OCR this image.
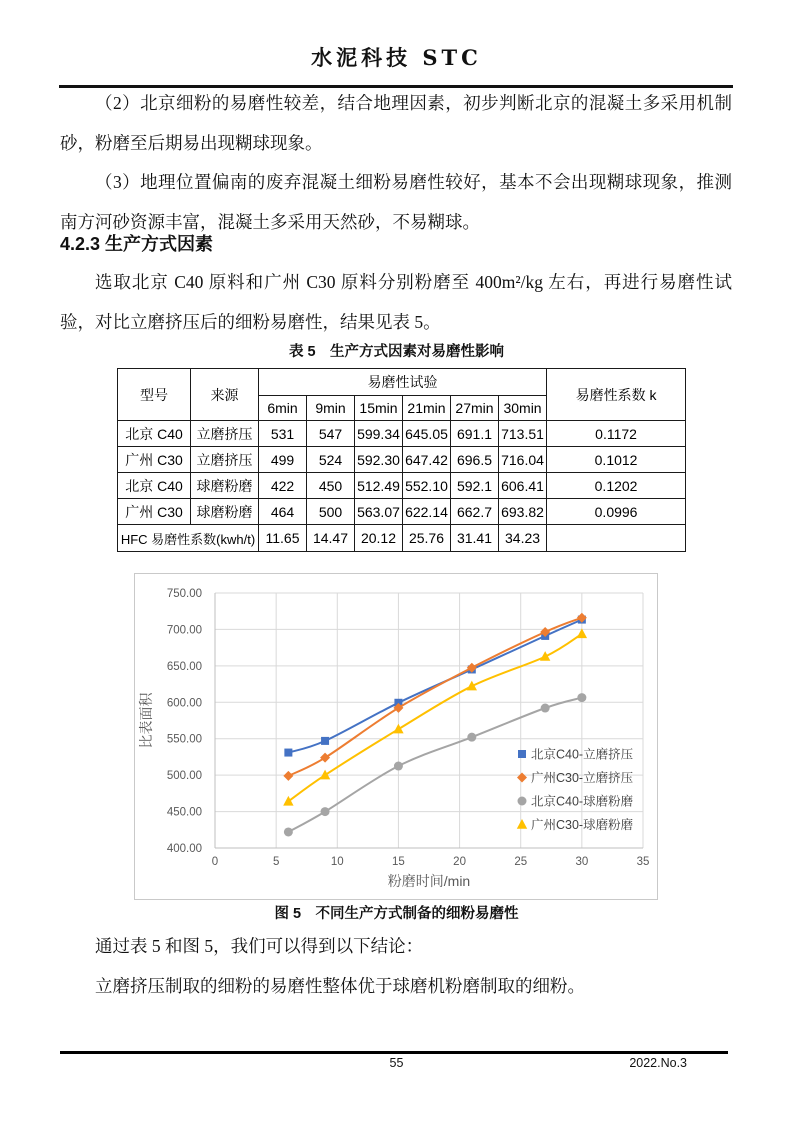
水泥科技 STC

（2）北京细粉的易磨性较差，结合地理因素，初步判断北京的混凝土多采用机制砂，粉磨至后期易出现糊球现象。

（3）地理位置偏南的废弃混凝土细粉易磨性较好，基本不会出现糊球现象，推测南方河砂资源丰富，混凝土多采用天然砂，不易糊球。

4.2.3 生产方式因素

选取北京 C40 原料和广州 C30 原料分别粉磨至 400m²/kg 左右，再进行易磨性试验，对比立磨挤压后的细粉易磨性，结果见表 5。

表 5　生产方式因素对易磨性影响
型号	来源	易磨性试验						易磨性系数 k
		6min	9min	15min	21min	27min	30min	
北京 C40	立磨挤压	531	547	599.34	645.05	691.1	713.51	0.1172
广州 C30	立磨挤压	499	524	592.30	647.42	696.5	716.04	0.1012
北京 C40	球磨粉磨	422	450	512.49	552.10	592.1	606.41	0.1202
广州 C30	球磨粉磨	464	500	563.07	622.14	662.7	693.82	0.0996
HFC 易磨性系数(kwh/t)		11.65	14.47	20.12	25.76	31.41	34.23	
0	5	10	15	20	25	30	35
400.00
450.00
500.00
550.00
600.00
650.00
700.00
750.00
粉磨时间/min
比表面积
北京C40-立磨挤压
广州C30-立磨挤压
北京C40-球磨粉磨
广州C30-球磨粉磨
图 5　不同生产方式制备的细粉易磨性

通过表 5 和图 5，我们可以得到以下结论：

立磨挤压制取的细粉的易磨性整体优于球磨机粉磨制取的细粉。

55	2022.No.3
